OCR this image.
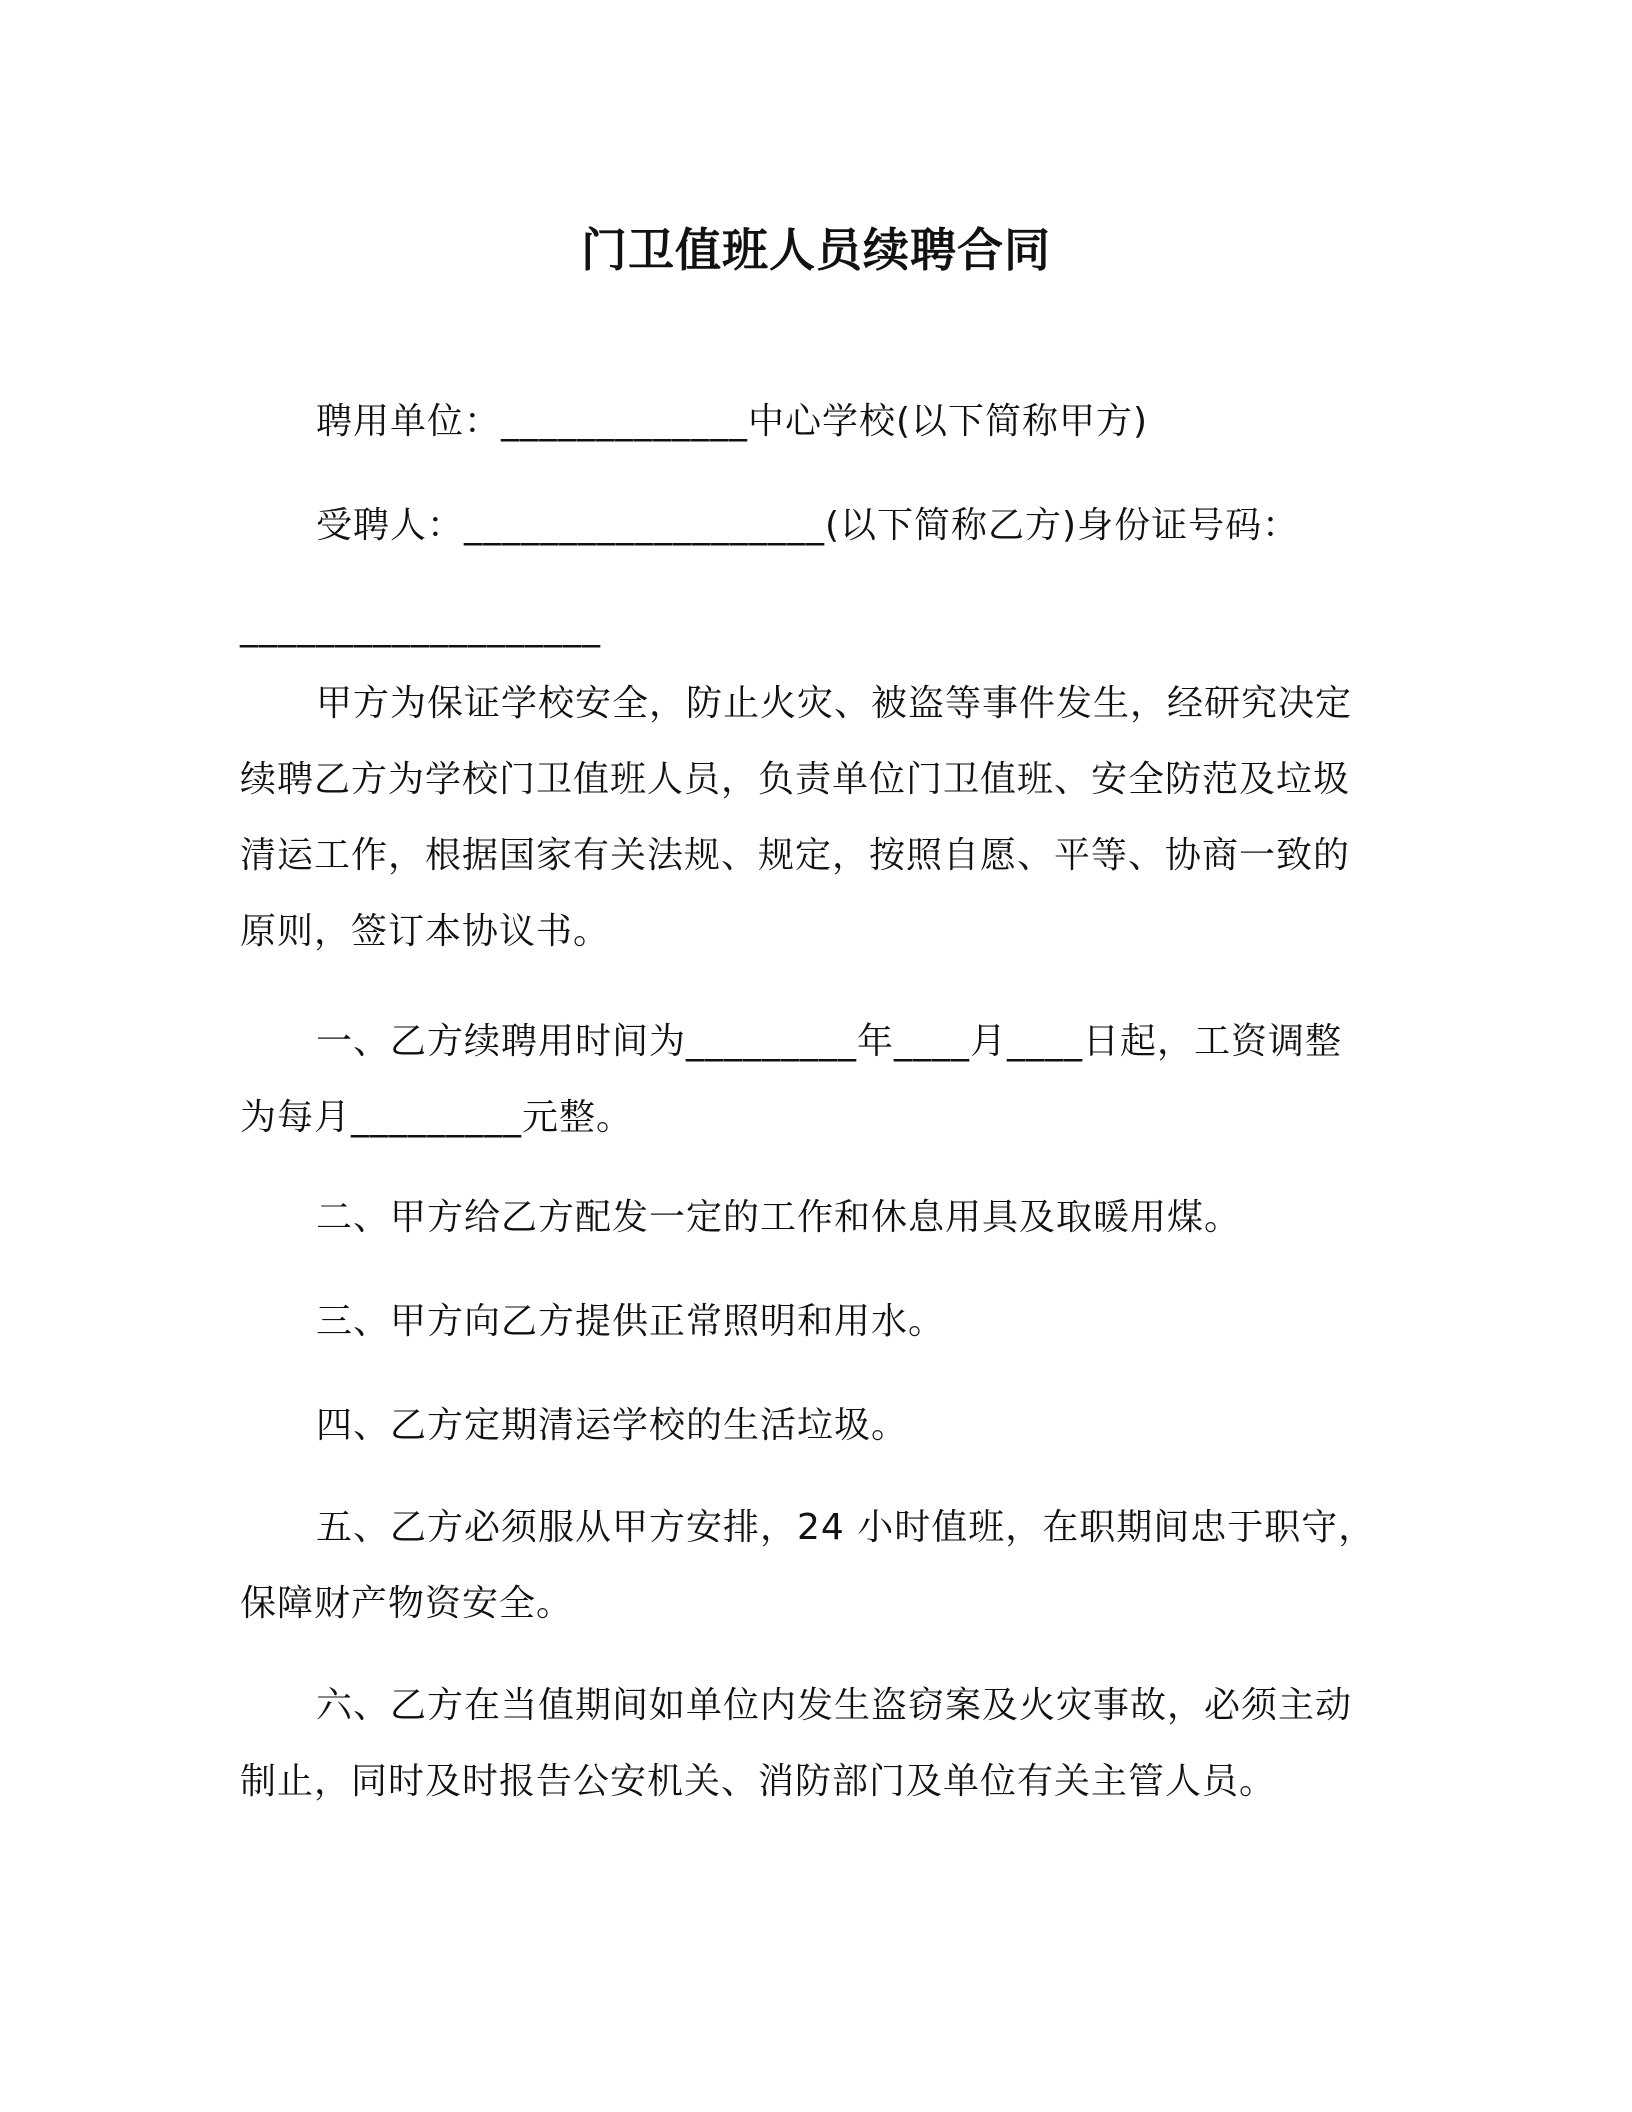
门卫值班人员续聘合同
聘用单位：_____________中心学校(以下简称甲方)
受聘人：___________________(以下简称乙方)身份证号码：
___________________
甲方为保证学校安全，防止火灾、被盗等事件发生，经研究决定
续聘乙方为学校门卫值班人员，负责单位门卫值班、安全防范及垃圾
清运工作，根据国家有关法规、规定，按照自愿、平等、协商一致的
原则，签订本协议书。
一、乙方续聘用时间为_________年____月____日起，工资调整
为每月_________元整。
二、甲方给乙方配发一定的工作和休息用具及取暖用煤。
三、甲方向乙方提供正常照明和用水。
四、乙方定期清运学校的生活垃圾。
五、乙方必须服从甲方安排，24 小时值班，在职期间忠于职守，
保障财产物资安全。
六、乙方在当值期间如单位内发生盗窃案及火灾事故，必须主动
制止，同时及时报告公安机关、消防部门及单位有关主管人员。
